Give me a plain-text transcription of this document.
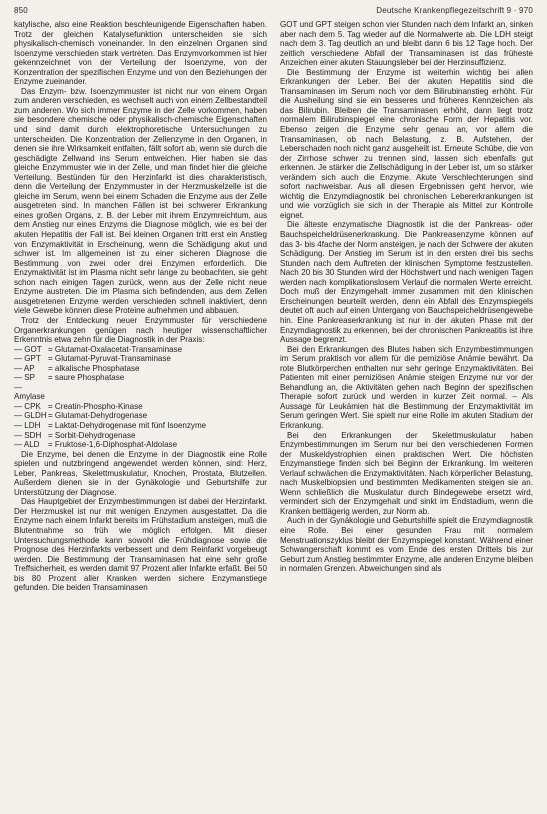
850	Deutsche Krankenpflegezeitschrift 9 · 970

katylische, also eine Reaktion beschleunigende Eigenschaften haben. Trotz der gleichen Katalysefunktion unterscheiden sie sich physikalisch-chemisch voneinander. In den einzelnen Organen sind Isoenzyme verschieden stark vertreten. Das Enzymvorkommen ist hier gekennzeichnet von der Verteilung der Isoenzyme, von der Konzentration der spezifischen Enzyme und von den Beziehungen der Enzyme zueinander.

Das Enzym- bzw. Isoenzymmuster ist nicht nur von einem Organ zum anderen verschieden, es wechselt auch von einem Zellbestandteil zum anderen. Wo sich immer Enzyme in der Zelle vorkommen, haben sie besondere chemische oder physikalisch-chemische Eigenschaften und sind damit durch elektrophoretische Untersuchungen zu unterscheiden. Die Konzentration der Zellenzyme in den Organen, in denen sie ihre Wirksamkeit entfalten, fällt sofort ab, wenn sie durch die geschädigte Zellwand ins Serum entweichen. Hier haben sie das gleiche Enzymmuster wie in der Zelle, und man findet hier die gleiche Verteilung. Bestünden für den Herzinfarkt ist dies charakteristisch, denn die Verteilung der Enzymmuster in der Herzmuskelzelle ist die gleiche im Serum, wenn bei einem Schaden die Enzyme aus der Zelle ausgetreten sind. In manchen Fällen ist bei schwerer Erkrankung eines großen Organs, z. B. der Leber mit ihrem Enzymreichtum, aus dem Anstieg nur eines Enzyms die Diagnose möglich, wie es bei der akuten Hepatitis der Fall ist. Bei kleinen Organen tritt erst ein Anstieg von Enzymaktivität in Erscheinung, wenn die Schädigung akut und schwer ist. Im allgemeinen ist zu einer sicheren Diagnose die Bestimmung von zwei oder drei Enzymen erforderlich. Die Enzymaktivität ist im Plasma nicht sehr lange zu beobachten, sie geht schon nach einigen Tagen zurück, wenn aus der Zelle nicht neue Enzyme austreten. Die im Plasma sich befindenden, aus dem Zellen ausgetretenen Enzyme werden verschieden schnell inaktiviert, denn viele Gewebe können diese Proteine aufnehmen und abbauen.

Trotz der Entdeckung neuer Enzymmuster für verschiedene Organerkrankungen genügen nach heutiger wissenschaftlicher Erkenntnis etwa zehn für die Diagnostik in der Praxis:

— GOT = Glutamat-Oxalacetat-Transaminase
— GPT = Glutamat-Pyruvat-Transaminase
— AP	= alkalische Phosphatase
— SP	= saure Phosphatase
— Amylase
— CPK = Creatin-Phospho-Kinase
— GLDH = Glutamat-Dehydrogenase
— LDH = Laktat-Dehydrogenase mit fünf Isoenzyme
— SDH = Sorbit-Dehydrogenase
— ALD	= Fruktose-1,6-Diphosphat-Aldolase

Die Enzyme, bei denen die Enzyme in der Diagnostik eine Rolle spielen und nutzbringend angewendet werden können, sind: Herz, Leber, Pankreas, Skelettmuskulatur, Knochen, Prostata, Blutzellen. Außerdem dienen sie in der Gynäkologie und Geburtshilfe zur Unterstützung der Diagnose.

Das Hauptgebiet der Enzymbestimmungen ist dabei der Herzinfarkt. Der Herzmuskel ist nur mit wenigen Enzymen ausgestattet. Da die Enzyme nach einem Infarkt bereits im Frühstadium ansteigen, muß die Blutentnahme so früh wie möglich erfolgen. Mit dieser Untersuchungsmethode kann sowohl die Frühdiagnose sowie die Prognose des Herzinfarkts verbessert und dem Reinfarkt vorgebeugt werden. Die Bestimmung der Transaminasen hat eine sehr große Treffsicherheit, es werden damit 97 Prozent aller Infarkte erfaßt. Bei 50 bis 80 Prozent aller Kranken werden sichere Enzymanstiege gefunden. Die beiden Transaminasen

GOT und GPT steigen schon vier Stunden nach dem Infarkt an, sinken aber nach dem 5. Tag wieder auf die Normalwerte ab. Die LDH steigt nach dem 3. Tag deutlich an und bleibt dann 6 bis 12 Tage hoch. Der zeitlich verschiedene Abfall der Transaminasen ist das früheste Anzeichen einer akuten Stauungsleber bei der Herzinsuffizienz.

Die Bestimmung der Enzyme ist weiterhin wichtig bei allen Erkrankungen der Leber. Bei der akuten Hepatitis sind die Transaminasen im Serum noch vor dem Bilirubinanstieg erhöht. Für die Ausheilung sind sie ein besseres und früheres Kennzeichen als das Bilirubin. Bleiben die Transaminasen erhöht, dann liegt trotz normalem Bilirubinspiegel eine chronische Form der Hepatitis vor. Ebenso zeigen die Enzyme sehr genau an, vor allem die Transaminasen, ob nach Belastung, z. B. Aufstehen, der Leberschaden noch nicht ganz ausgeheilt ist. Erneute Schübe, die von der Zirrhose schwer zu trennen sind, lassen sich ebenfalls gut erkennen. Je stärker die Zellschädigung in der Leber ist, um so stärker verändern sich auch die Enzyme. Akute Verschlechterungen sind sofort nachweisbar. Aus all diesen Ergebnissen geht hervor, wie wichtig die Enzymdiagnostik bei chronischen Lebererkrankungen ist und wie vorzüglich sie sich in der Therapie als Mittel zur Kontrolle eignet.

Die älteste enzymatische Diagnostik ist die der Pankreas- oder Bauchspeicheldrüsenerkrankung. Die Pankreasenzyme können auf das 3- bis 4fache der Norm ansteigen, je nach der Schwere der akuten Schädigung. Der Anstieg im Serum ist in den ersten drei bis sechs Stunden nach dem Auftreten der klinischen Symptome festzustellen. Nach 20 bis 30 Stunden wird der Höchstwert und nach wenigen Tagen werden nach komplikationslosem Verlauf die normalen Werte erreicht. Doch muß der Enzymgehalt immer zusammen mit den klinischen Erscheinungen beurteilt werden, denn ein Abfall des Enzymspiegels deutet oft auch auf einen Untergang von Bauchspeicheldrüsengewebe hin. Eine Pankreaserkrankung ist nur in der akuten Phase mit der Enzymdiagnostik zu erkennen, bei der chronischen Pankreatitis ist ihre Aussage begrenzt.

Bei den Erkrankungen des Blutes haben sich Enzymbestimmungen im Serum praktisch vor allem für die perniziöse Anämie bewährt. Da rote Blutkörperchen enthalten nur sehr geringe Enzymaktivitäten. Bei Patienten mit einer perniziösen Anämie steigen Enzyme nur vor der Behandlung an, die Aktivitäten gehen nach Beginn der spezifischen Therapie sofort zurück und werden in kurzer Zeit normal. – Als Aussage für Leukämien hat die Bestimmung der Enzymaktivität im Serum geringen Wert. Sie spielt nur eine Rolle im akuten Stadium der Erkrankung.

Bei den Erkrankungen der Skelettmuskulatur haben Enzymbestimmungen im Serum nur bei den verschiedenen Formen der Muskeldystrophien einen praktischen Wert. Die höchsten Enzymanstiege finden sich bei Beginn der Erkrankung. Im weiteren Verlauf schwächen die Enzymaktivitäten. Nach körperlicher Belastung, nach Muskelbiopsien und bestimmten Medikamenten steigen sie an. Wenn schließlich die Muskulatur durch Bindegewebe ersetzt wird, vermindert sich der Enzymgehalt und sinkt im Endstadium, wenn die Kranken bettlägerig werden, zur Norm ab.

Auch in der Gynäkologie und Geburtshilfe spielt die Enzymdiagnostik eine Rolle. Bei einer gesunden Frau mit normalem Menstruationszyklus bleibt der Enzymspiegel konstant. Während einer Schwangerschaft kommt es vom Ende des ersten Drittels bis zur Geburt zum Anstieg bestimmter Enzyme, alle anderen Enzyme bleiben in normalen Grenzen. Abweichungen sind als
